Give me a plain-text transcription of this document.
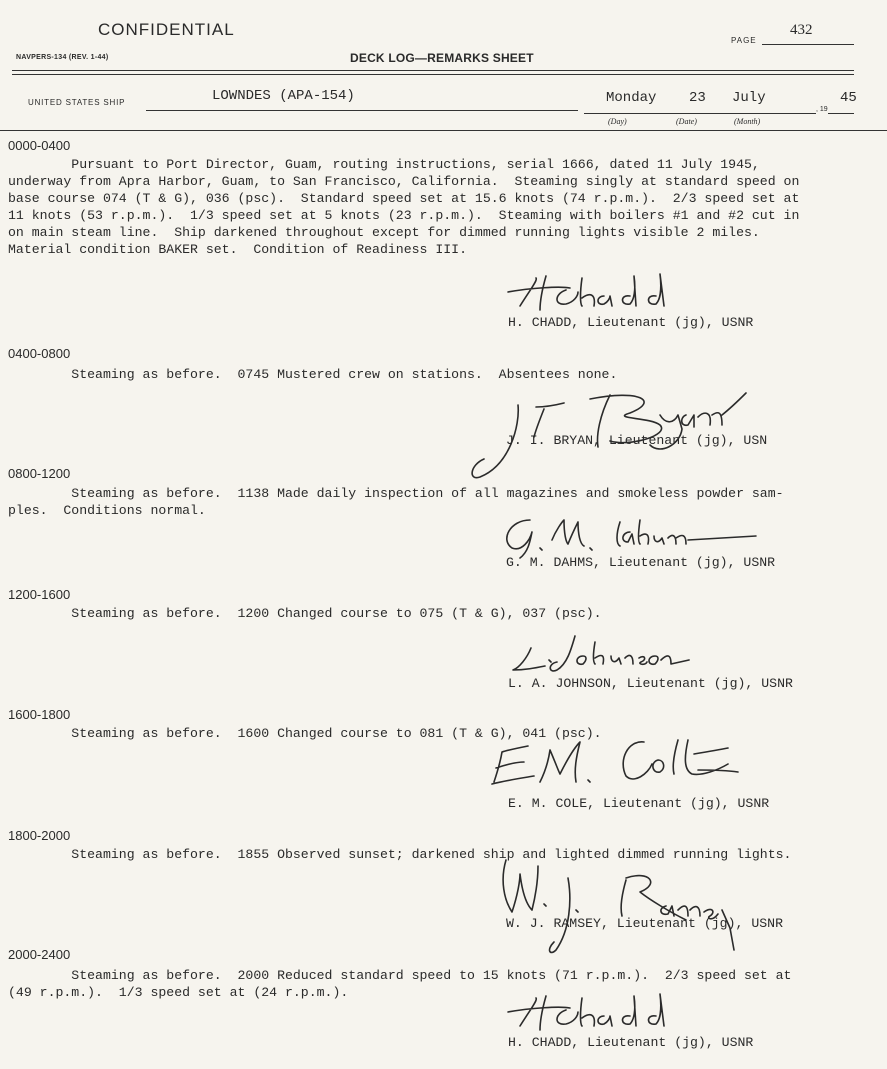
CONFIDENTIAL
PAGE
432
NAVPERS-134 (REV. 1-44)	DECK LOG—REMARKS SHEET
UNITED STATES SHIP	LOWNDES (APA-154)	Monday 23 July
, 19
45
(Day)	(Date)	(Month)
0000-0400
Pursuant to Port Director, Guam, routing instructions, serial 1666, dated 11 July 1945,
underway from Apra Harbor, Guam, to San Francisco, California.  Steaming singly at standard speed on
base course 074 (T & G), 036 (psc).  Standard speed set at 15.6 knots (74 r.p.m.).  2/3 speed set at
11 knots (53 r.p.m.).  1/3 speed set at 5 knots (23 r.p.m.).  Steaming with boilers #1 and #2 cut in
on main steam line.  Ship darkened throughout except for dimmed running lights visible 2 miles.
Material condition BAKER set.  Condition of Readiness III.
H. CHADD, Lieutenant (jg), USNR
0400-0800
Steaming as before.  0745 Mustered crew on stations.  Absentees none.
J. I. BRYAN, Lieutenant (jg), USN
0800-1200
Steaming as before.  1138 Made daily inspection of all magazines and smokeless powder sam-
ples.  Conditions normal.
G. M. DAHMS, Lieutenant (jg), USNR
1200-1600
Steaming as before.  1200 Changed course to 075 (T & G), 037 (psc).
L. A. JOHNSON, Lieutenant (jg), USNR
1600-1800
Steaming as before.  1600 Changed course to 081 (T & G), 041 (psc).
E. M. COLE, Lieutenant (jg), USNR
1800-2000
Steaming as before.  1855 Observed sunset; darkened ship and lighted dimmed running lights.
W. J. RAMSEY, Lieutenant (jg), USNR
2000-2400
Steaming as before.  2000 Reduced standard speed to 15 knots (71 r.p.m.).  2/3 speed set at
(49 r.p.m.).  1/3 speed set at (24 r.p.m.).
H. CHADD, Lieutenant (jg), USNR
